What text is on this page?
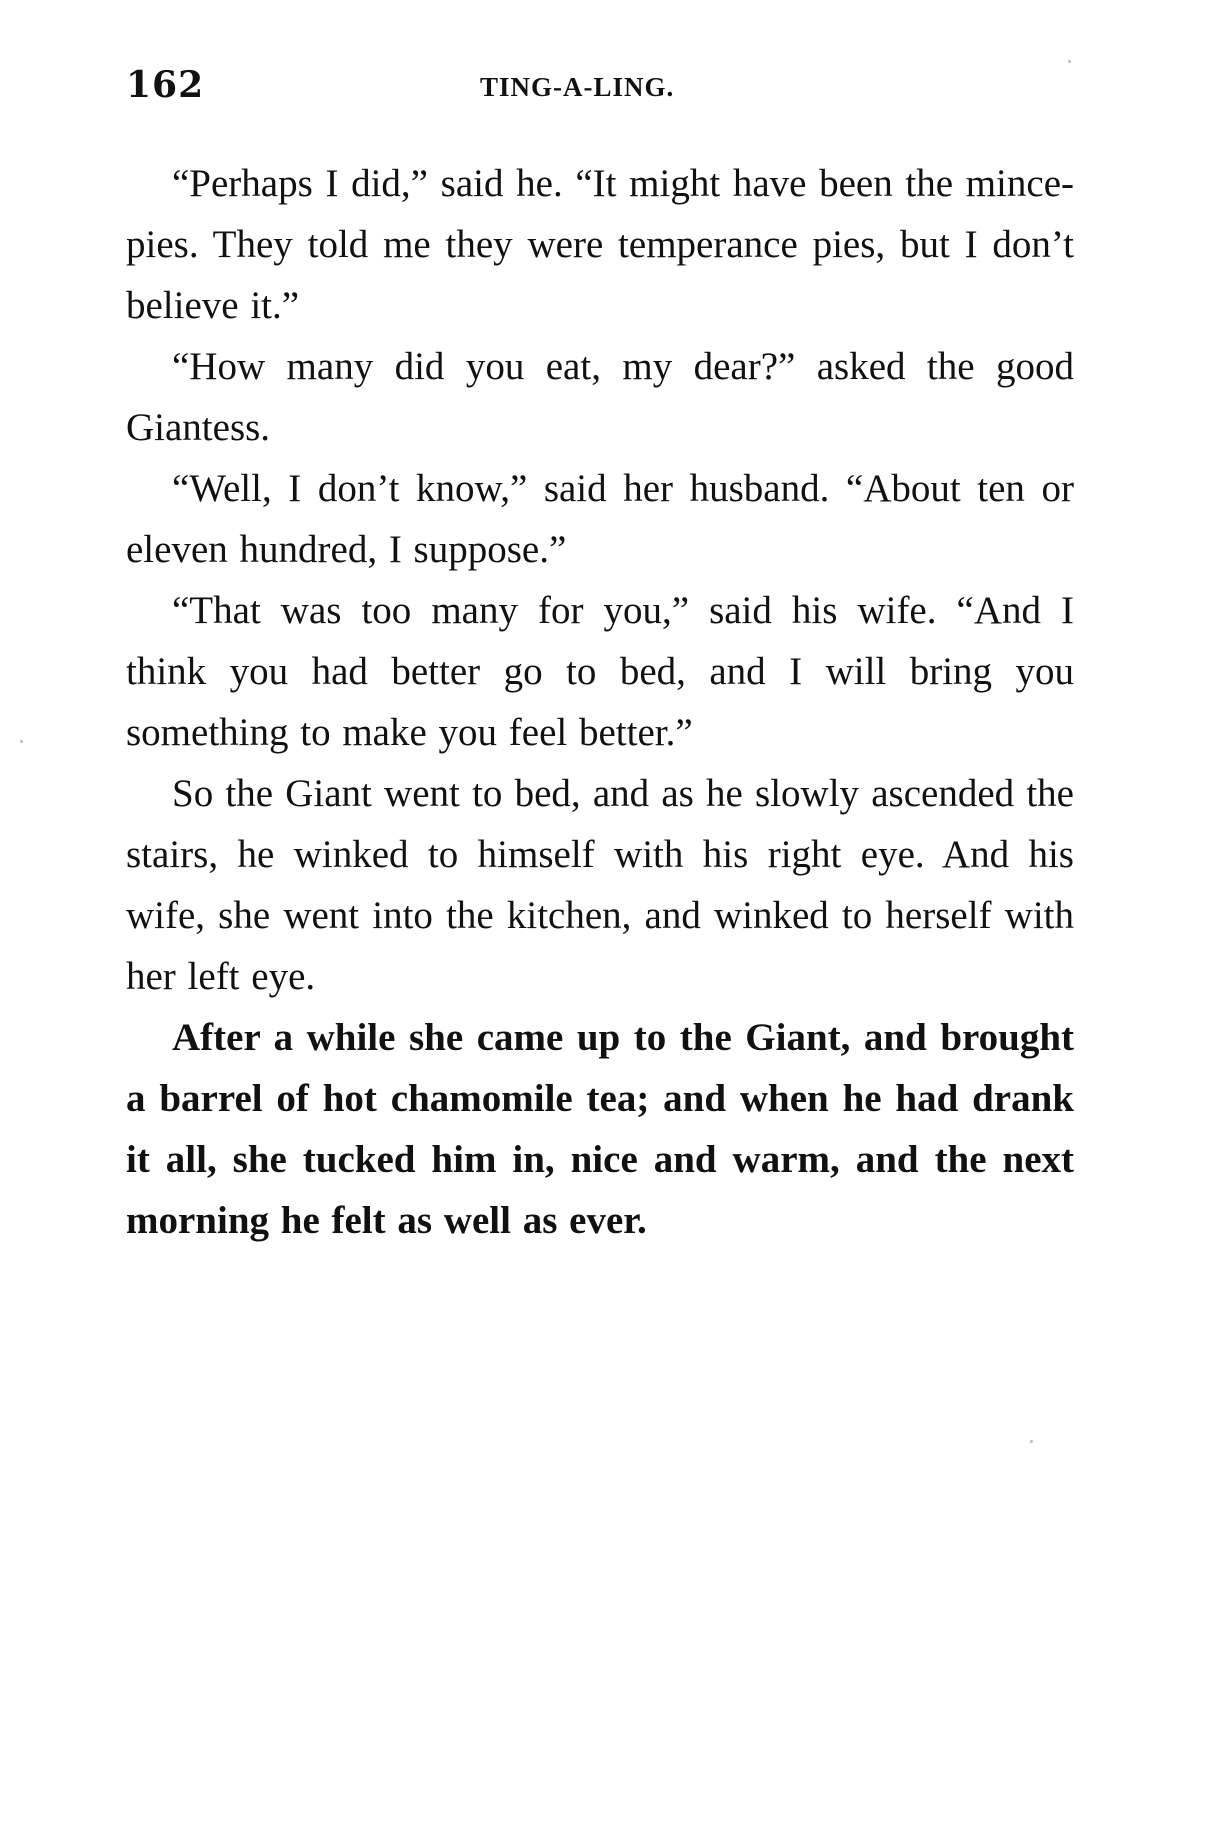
162	TING-A-LING.

“Perhaps I did,” said he. “It might have been the mince-pies. They told me they were temperance pies, but I don’t believe it.”

“How many did you eat, my dear?” asked the good Giantess.

“Well, I don’t know,” said her husband. “About ten or eleven hundred, I suppose.”

“That was too many for you,” said his wife. “And I think you had better go to bed, and I will bring you something to make you feel better.”

So the Giant went to bed, and as he slowly ascended the stairs, he winked to himself with his right eye. And his wife, she went into the kitchen, and winked to herself with her left eye.

After a while she came up to the Giant, and brought a barrel of hot chamomile tea; and when he had drank it all, she tucked him in, nice and warm, and the next morning he felt as well as ever.
